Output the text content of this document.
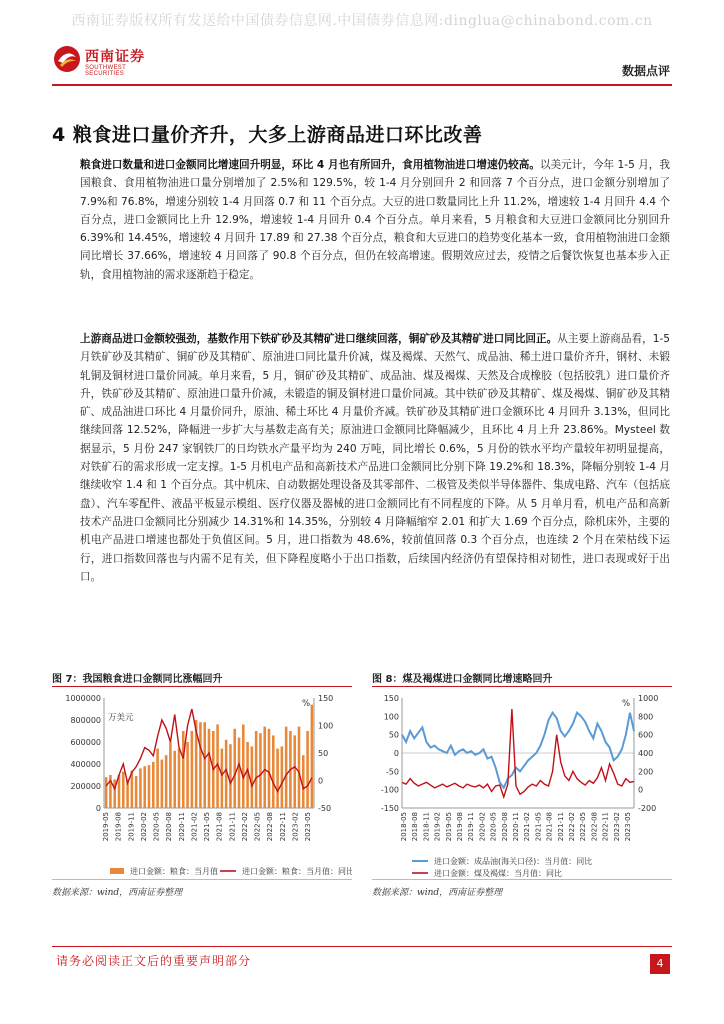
西南证券版权所有发送给中国债券信息网.中国债券信息网:dinglua@chinabond.com.cn
西南证券
SOUTHWEST SECURITIES	数据点评
4 粮食进口量价齐升，大多上游商品进口环比改善
粮食进口数量和进口金额同比增速回升明显，环比 4 月也有所回升，食用植物油进口增速仍较高。以美元计，今年 1-5 月，我国粮食、食用植物油进口量分别增加了 2.5%和 129.5%，较 1-4 月分别回升 2 和回落 7 个百分点，进口金额分别增加了 7.9%和 76.8%，增速分别较 1-4 月回落 0.7 和 11 个百分点。大豆的进口数量同比上升 11.2%，增速较 1-4 月回升 4.4 个百分点，进口金额同比上升 12.9%，增速较 1-4 月回升 0.4 个百分点。单月来看，5 月粮食和大豆进口金额同比分别回升 6.39%和 14.45%，增速较 4 月回升 17.89 和 27.38 个百分点，粮食和大豆进口的趋势变化基本一致，食用植物油进口金额同比增长 37.66%，增速较 4 月回落了 90.8 个百分点，但仍在较高增速。假期效应过去，疫情之后餐饮恢复也基本步入正轨，食用植物油的需求逐渐趋于稳定。
上游商品进口金额较强劲，基数作用下铁矿砂及其精矿进口继续回落，铜矿砂及其精矿进口同比回正。从主要上游商品看，1-5 月铁矿砂及其精矿、铜矿砂及其精矿、原油进口同比量升价减，煤及褐煤、天然气、成品油、稀土进口量价齐升，钢材、未锻轧铜及铜材进口量价同减。单月来看，5 月，铜矿砂及其精矿、成品油、煤及褐煤、天然及合成橡胶（包括胶乳）进口量价齐升，铁矿砂及其精矿、原油进口量升价减，未锻造的铜及铜材进口量价同减。其中铁矿砂及其精矿、煤及褐煤、铜矿砂及其精矿、成品油进口环比 4 月量价同升，原油、稀土环比 4 月量价齐减。铁矿砂及其精矿进口金额环比 4 月回升 3.13%，但同比继续回落 12.52%，降幅进一步扩大与基数走高有关；原油进口金额同比降幅减少，且环比 4 月上升 23.86%。Mysteel 数据显示，5 月份 247 家钢铁厂的日均铁水产量平均为 240 万吨，同比增长 0.6%，5 月份的铁水平均产量较年初明显提高，对铁矿石的需求形成一定支撑。1-5 月机电产品和高新技术产品进口金额同比分别下降 19.2%和 18.3%，降幅分别较 1-4 月继续收窄 1.4 和 1 个百分点。其中机床、自动数据处理设备及其零部件、二极管及类似半导体器件、集成电路、汽车（包括底盘）、汽车零配件、液晶平板显示模组、医疗仪器及器械的进口金额同比有不同程度的下降。从 5 月单月看，机电产品和高新技术产品进口金额同比分别减少 14.31%和 14.35%，分别较 4 月降幅缩窄 2.01 和扩大 1.69 个百分点，除机床外，主要的机电产品进口增速也都处于负值区间。5 月，进口指数为 48.6%，较前值回落 0.3 个百分点，也连续 2 个月在荣枯线下运行，进口指数回落也与内需不足有关，但下降程度略小于出口指数，后续国内经济仍有望保持相对韧性，进口表现或好于出口。
图 7：我国粮食进口金额同比涨幅回升	图 8：煤及褐煤进口金额同比增速略回升
0
200000
400000
600000
800000
1000000
-50
0
50
100
150
万美元
%
2019-05 2019-08 2019-11 2020-02 2020-05 2020-08 2020-11 2021-02 2021-05 2021-08 2021-11 2022-02 2022-05 2022-08 2022-11 2023-02 2023-05
进口金额：粮食：当月值	进口金额：粮食：当月值：同比
-150
-100
-50
0
50
100
150
-200
0
200
400
600
800
1000
%
2018-05 2018-08 2018-11 2019-02 2019-05 2019-08 2019-11 2020-02 2020-05 2020-08 2020-11 2021-02 2021-05 2021-08 2021-11 2022-02 2022-05 2022-08 2022-11 2023-02 2023-05
进口金额：成品油(海关口径)：当月值：同比
进口金额：煤及褐煤：当月值：同比
数据来源：wind，西南证券整理	数据来源：wind，西南证券整理
请务必阅读正文后的重要声明部分	4
